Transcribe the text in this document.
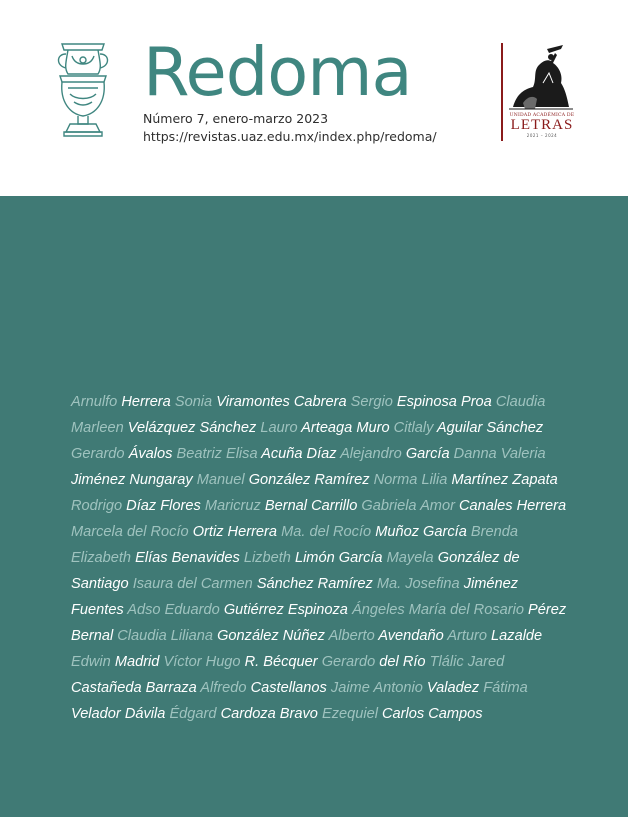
Redoma
Número 7, enero-marzo 2023
https://revistas.uaz.edu.mx/index.php/redoma/
UNIDAD ACADÉMICA DE
LETRAS
2021 – 2024
Arnulfo Herrera Sonia Viramontes Cabrera Sergio Espinosa Proa Claudia Marleen Velázquez Sánchez Lauro Arteaga Muro Citlaly Aguilar Sánchez Gerardo Ávalos Beatriz Elisa Acuña Díaz Alejandro García Danna Valeria Jiménez Nungaray Manuel González Ramírez Norma Lilia Martínez Zapata Rodrigo Díaz Flores Maricruz Bernal Carrillo Gabriela Amor Canales Herrera Marcela del Rocío Ortiz Herrera Ma. del Rocío Muñoz García Brenda Elizabeth Elías Benavides Lizbeth Limón García Mayela González de Santiago Isaura del Carmen Sánchez Ramírez Ma. Josefina Jiménez Fuentes Adso Eduardo Gutiérrez Espinoza Ángeles María del Rosario Pérez Bernal Claudia Liliana González Núñez Alberto Avendaño Arturo Lazalde Edwin Madrid Víctor Hugo R. Bécquer Gerardo del Río Tlálic Jared Castañeda Barraza Alfredo Castellanos Jaime Antonio Valadez Fátima Velador Dávila Édgard Cardoza Bravo Ezequiel Carlos Campos
